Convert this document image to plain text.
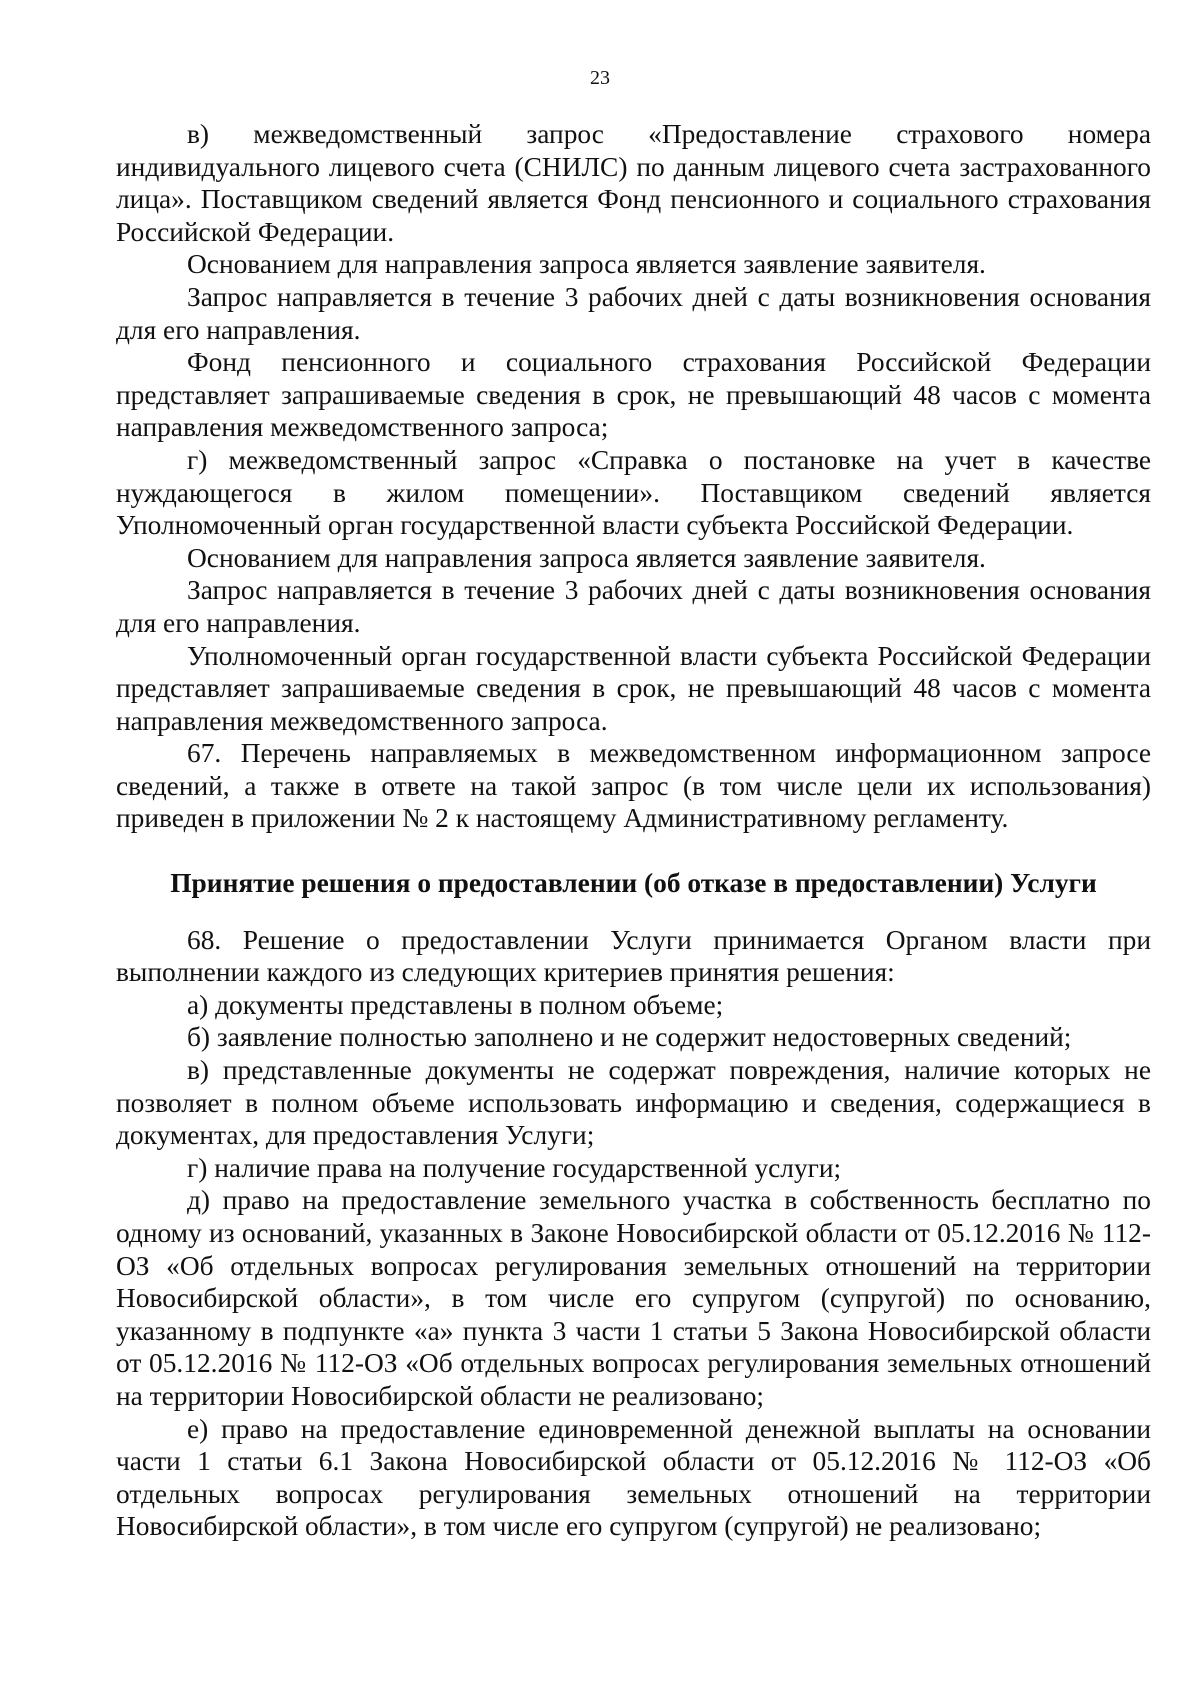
23

в) межведомственный запрос «Предоставление страхового номера индивидуального лицевого счета (СНИЛС) по данным лицевого счета застрахованного лица». Поставщиком сведений является Фонд пенсионного и социального страхования Российской Федерации.

Основанием для направления запроса является заявление заявителя.

Запрос направляется в течение 3 рабочих дней с даты возникновения основания для его направления.

Фонд пенсионного и социального страхования Российской Федерации представляет запрашиваемые сведения в срок, не превышающий 48 часов с момента направления межведомственного запроса;

г) межведомственный запрос «Справка о постановке на учет в качестве нуждающегося в жилом помещении». Поставщиком сведений является Уполномоченный орган государственной власти субъекта Российской Федерации.

Основанием для направления запроса является заявление заявителя.

Запрос направляется в течение 3 рабочих дней с даты возникновения основания для его направления.

Уполномоченный орган государственной власти субъекта Российской Федерации представляет запрашиваемые сведения в срок, не превышающий 48 часов с момента направления межведомственного запроса.

67. Перечень направляемых в межведомственном информационном запросе сведений, а также в ответе на такой запрос (в том числе цели их использования) приведен в приложении № 2 к настоящему Административному регламенту.

Принятие решения о предоставлении (об отказе в предоставлении) Услуги

68. Решение о предоставлении Услуги принимается Органом власти при выполнении каждого из следующих критериев принятия решения:

а) документы представлены в полном объеме;

б) заявление полностью заполнено и не содержит недостоверных сведений;

в) представленные документы не содержат повреждения, наличие которых не позволяет в полном объеме использовать информацию и сведения, содержащиеся в документах, для предоставления Услуги;

г) наличие права на получение государственной услуги;

д) право на предоставление земельного участка в собственность бесплатно по одному из оснований, указанных в Законе Новосибирской области от 05.12.2016 № 112-ОЗ «Об отдельных вопросах регулирования земельных отношений на территории Новосибирской области», в том числе его супругом (супругой) по основанию, указанному в подпункте «а» пункта 3 части 1 статьи 5 Закона Новосибирской области от 05.12.2016 № 112-ОЗ «Об отдельных вопросах регулирования земельных отношений на территории Новосибирской области не реализовано;

е) право на предоставление единовременной денежной выплаты на основании части 1 статьи 6.1 Закона Новосибирской области от 05.12.2016 № 112-ОЗ «Об отдельных вопросах регулирования земельных отношений на территории Новосибирской области», в том числе его супругом (супругой) не реализовано;
